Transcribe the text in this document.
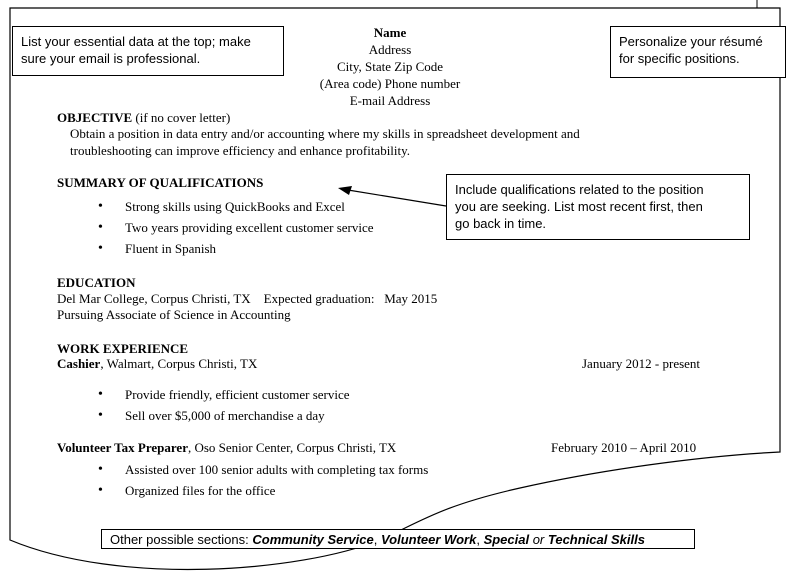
Name
Address
City, State Zip Code
(Area code) Phone number
E-mail Address
List your essential data at the top; make
sure your email is professional.
Personalize your résumé
for specific positions.
Include qualifications related to the position
you are seeking. List most recent first, then
go back in time.
OBJECTIVE (if no cover letter)
Obtain a position in data entry and/or accounting where my skills in spreadsheet development and
troubleshooting can improve efficiency and enhance profitability.
SUMMARY OF QUALIFICATIONS
• Strong skills using QuickBooks and Excel
• Two years providing excellent customer service
• Fluent in Spanish
EDUCATION
Del Mar College, Corpus Christi, TX    Expected graduation:   May 2015
Pursuing Associate of Science in Accounting
WORK EXPERIENCE
Cashier, Walmart, Corpus Christi, TX	January 2012 - present
• Provide friendly, efficient customer service
• Sell over $5,000 of merchandise a day
Volunteer Tax Preparer, Oso Senior Center, Corpus Christi, TX	February 2010 – April 2010
• Assisted over 100 senior adults with completing tax forms
• Organized files for the office
Other possible sections: Community Service, Volunteer Work, Special or Technical Skills
